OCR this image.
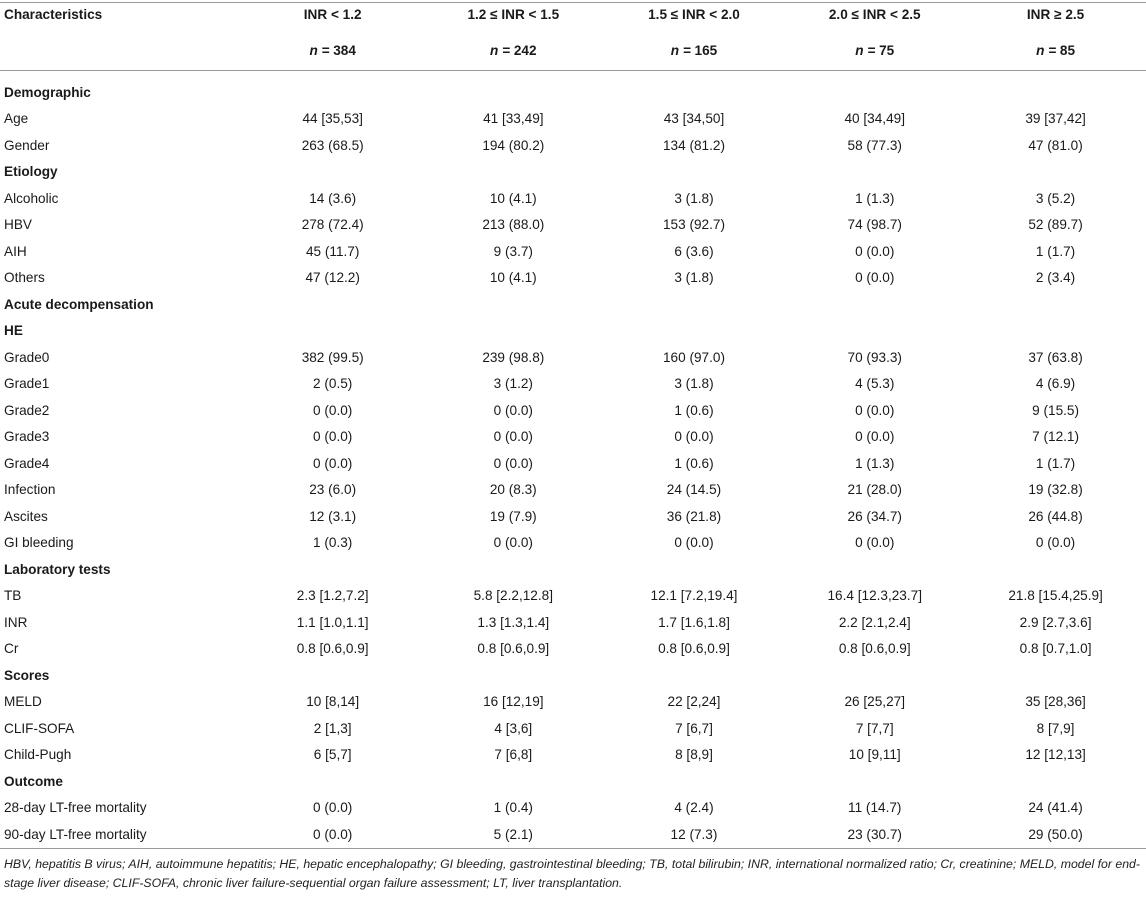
Characteristics	INR < 1.2	1.2 ≤ INR < 1.5	1.5 ≤ INR < 2.0	2.0 ≤ INR < 2.5	INR ≥ 2.5
	n = 384	n = 242	n = 165	n = 75	n = 85
Demographic					
Age	44 [35,53]	41 [33,49]	43 [34,50]	40 [34,49]	39 [37,42]
Gender	263 (68.5)	194 (80.2)	134 (81.2)	58 (77.3)	47 (81.0)
Etiology					
Alcoholic	14 (3.6)	10 (4.1)	3 (1.8)	1 (1.3)	3 (5.2)
HBV	278 (72.4)	213 (88.0)	153 (92.7)	74 (98.7)	52 (89.7)
AIH	45 (11.7)	9 (3.7)	6 (3.6)	0 (0.0)	1 (1.7)
Others	47 (12.2)	10 (4.1)	3 (1.8)	0 (0.0)	2 (3.4)
Acute decompensation					
HE					
Grade0	382 (99.5)	239 (98.8)	160 (97.0)	70 (93.3)	37 (63.8)
Grade1	2 (0.5)	3 (1.2)	3 (1.8)	4 (5.3)	4 (6.9)
Grade2	0 (0.0)	0 (0.0)	1 (0.6)	0 (0.0)	9 (15.5)
Grade3	0 (0.0)	0 (0.0)	0 (0.0)	0 (0.0)	7 (12.1)
Grade4	0 (0.0)	0 (0.0)	1 (0.6)	1 (1.3)	1 (1.7)
Infection	23 (6.0)	20 (8.3)	24 (14.5)	21 (28.0)	19 (32.8)
Ascites	12 (3.1)	19 (7.9)	36 (21.8)	26 (34.7)	26 (44.8)
GI bleeding	1 (0.3)	0 (0.0)	0 (0.0)	0 (0.0)	0 (0.0)
Laboratory tests					
TB	2.3 [1.2,7.2]	5.8 [2.2,12.8]	12.1 [7.2,19.4]	16.4 [12.3,23.7]	21.8 [15.4,25.9]
INR	1.1 [1.0,1.1]	1.3 [1.3,1.4]	1.7 [1.6,1.8]	2.2 [2.1,2.4]	2.9 [2.7,3.6]
Cr	0.8 [0.6,0.9]	0.8 [0.6,0.9]	0.8 [0.6,0.9]	0.8 [0.6,0.9]	0.8 [0.7,1.0]
Scores					
MELD	10 [8,14]	16 [12,19]	22 [2,24]	26 [25,27]	35 [28,36]
CLIF-SOFA	2 [1,3]	4 [3,6]	7 [6,7]	7 [7,7]	8 [7,9]
Child-Pugh	6 [5,7]	7 [6,8]	8 [8,9]	10 [9,11]	12 [12,13]
Outcome					
28-day LT-free mortality	0 (0.0)	1 (0.4)	4 (2.4)	11 (14.7)	24 (41.4)
90-day LT-free mortality	0 (0.0)	5 (2.1)	12 (7.3)	23 (30.7)	29 (50.0)
HBV, hepatitis B virus; AIH, autoimmune hepatitis; HE, hepatic encephalopathy; GI bleeding, gastrointestinal bleeding; TB, total bilirubin; INR, international normalized ratio; Cr, creatinine; MELD, model for end-stage liver disease; CLIF-SOFA, chronic liver failure-sequential organ failure assessment; LT, liver transplantation.
